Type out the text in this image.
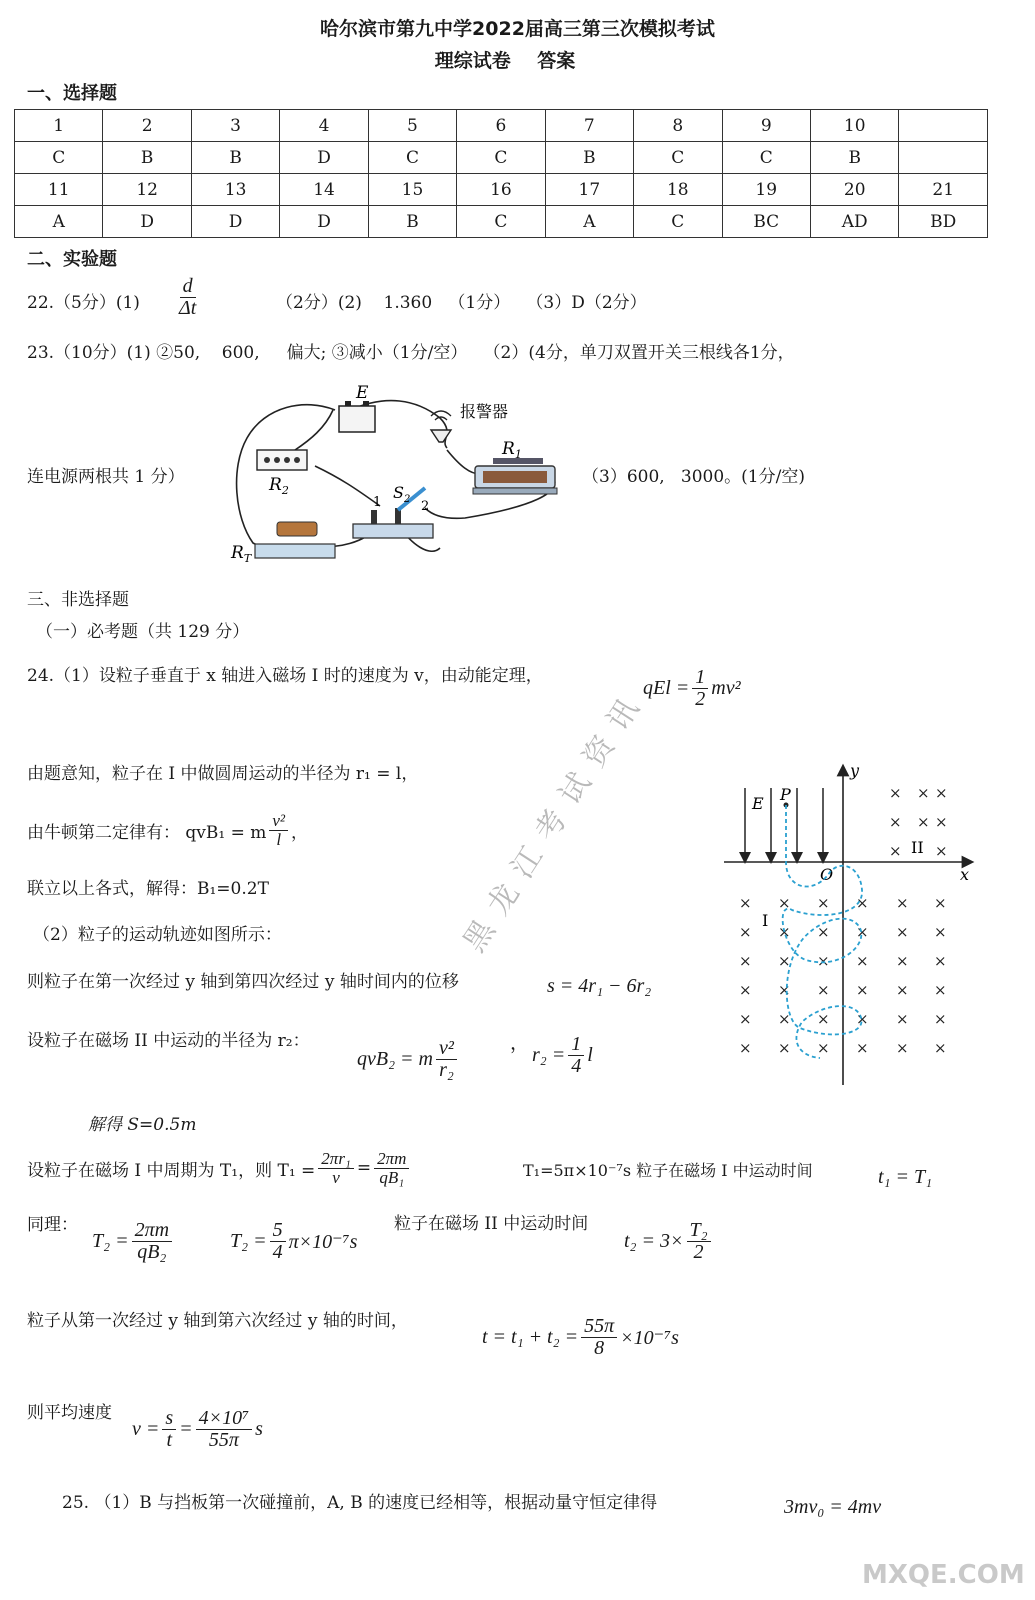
哈尔滨市第九中学2022届高三第三次模拟考试
理综试卷    答案
一、选择题
1	2	3	4	5	6	7	8	9	10	
C	B	B	D	C	C	B	C	C	B	
11	12	13	14	15	16	17	18	19	20	21
A	D	D	D	B	C	A	C	BC	AD	BD
二、实验题
22.（5分）$(1) \frac{d}{\Delta t}$	（2分）(2)    1.360   （1分）   （3）D（2分）
23.（10分）(1) ②50,    600,     偏大; ③减小（1分/空）   （2）(4分，单刀双置开关三根线各1分，
连电源两根共 1 分）	（3）600,   3000。(1分/空)
E
报警器
$R_1$
$R_2$
1	2
$S_2$
$R_T$
三、非选择题
（一）必考题（共 129 分）
24.（1）设粒子垂直于 x 轴进入磁场 I 时的速度为 v，由动能定理，
qEl = $\frac{1}{2} mv^2$
由题意知，粒子在 I 中做圆周运动的半径为 r₁ = l，
由牛顿第二定律有： qvB₁ = m $\frac{\text{v²}}{l}$ ，
联立以上各式，解得：B₁=0.2T
（2）粒子的运动轨迹如图所示：
则粒子在第一次经过 y 轴到第四次经过 y 轴时间内的位移	s = 4r₁ − 6r₂
设粒子在磁场 II 中运动的半径为 r₂：
qvB₂ = m $\frac{\text{v²}}{\text{r₂}}$	，
$r_2 = \frac{1}{4}$ l
解得 S=0.5m
设粒子在磁场 I 中周期为 T₁，则 $T_1 = \frac{\text{2πr₁}}{v} = \frac{2\pi m}{\text{qB₁}}$	T₁=5π×10⁻⁷s 粒子在磁场 I 中运动时间	t₁ = T₁
同理：
$T_2 = \frac{2\pi m}{\text{qB₂}}$	$T_2 = \frac{5}{4} \pi\times 10^{-7}s$
粒子在磁场 II 中运动时间
$t_2 = 3\times \frac{\text{T₂}}{2}$
粒子从第一次经过 y 轴到第六次经过 y 轴的时间，
$t = t_1 + t_2 = \frac{55\pi}{8} \times 10^{-7}s$
则平均速度
$v = \frac{s}{t} = \frac{\text{4×10⁷}}{55\pi}$ s
25. （1）B 与挡板第一次碰撞前，A, B 的速度已经相等，根据动量守恒定律得	3mv₀ = 4mv
y
x
O
E P
I
II
× × × × × ×
× × × × × ×
× × × × × ×
× × × × × ×
× × × × × ×
× × × × × ×
×
×
×
×
×
×
×
×
黑龙江考试资讯
MXQE.COM
